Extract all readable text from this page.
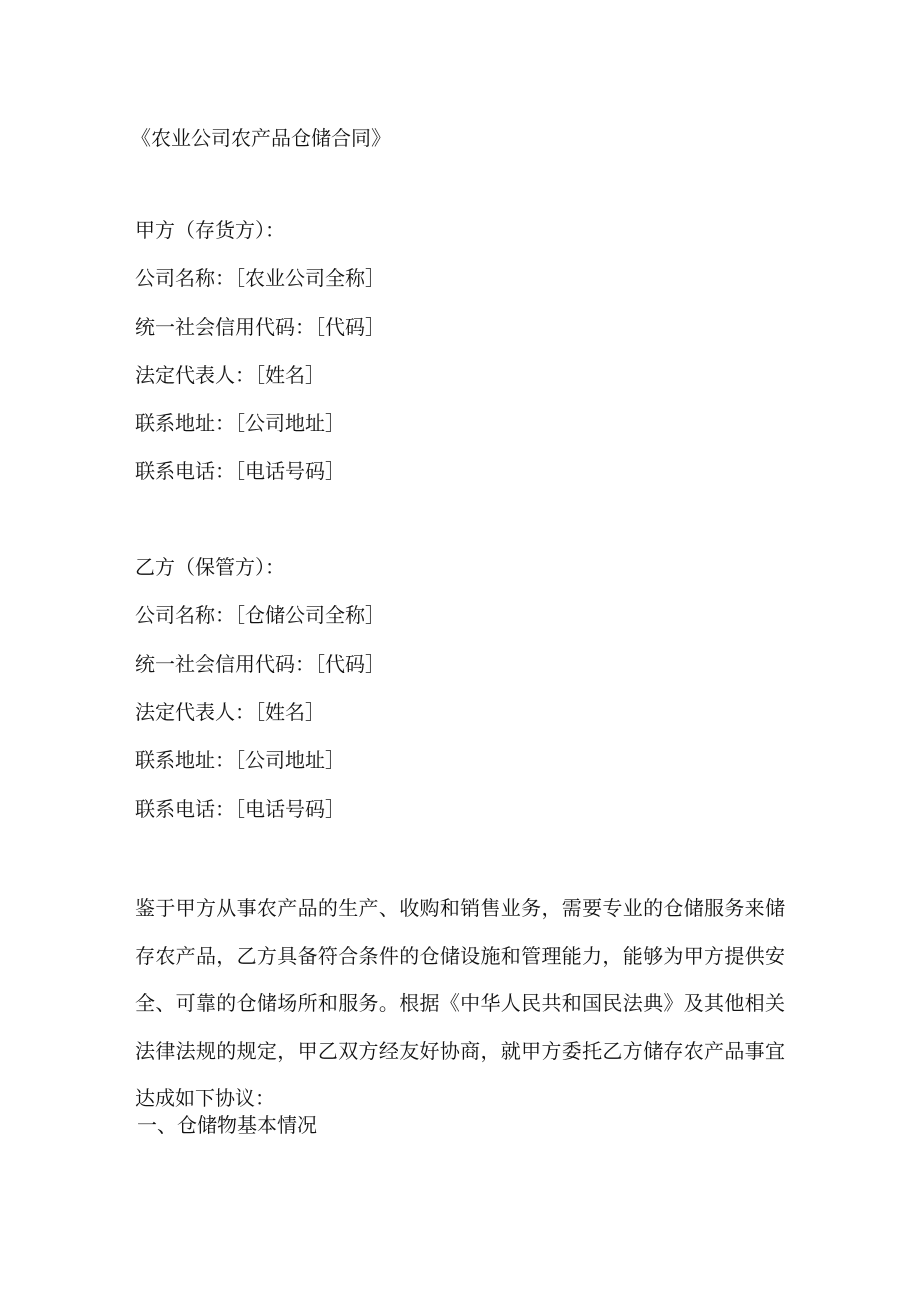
《农业公司农产品仓储合同》
甲方（存货方）：
公司名称：［农业公司全称］
统一社会信用代码：［代码］
法定代表人：［姓名］
联系地址：［公司地址］
联系电话：［电话号码］
乙方（保管方）：
公司名称：［仓储公司全称］
统一社会信用代码：［代码］
法定代表人：［姓名］
联系地址：［公司地址］
联系电话：［电话号码］
鉴于甲方从事农产品的生产、收购和销售业务，需要专业的仓储服务来储存农产品，乙方具备符合条件的仓储设施和管理能力，能够为甲方提供安全、可靠的仓储场所和服务。根据《中华人民共和国民法典》及其他相关法律法规的规定，甲乙双方经友好协商，就甲方委托乙方储存农产品事宜达成如下协议：
一、仓储物基本情况
